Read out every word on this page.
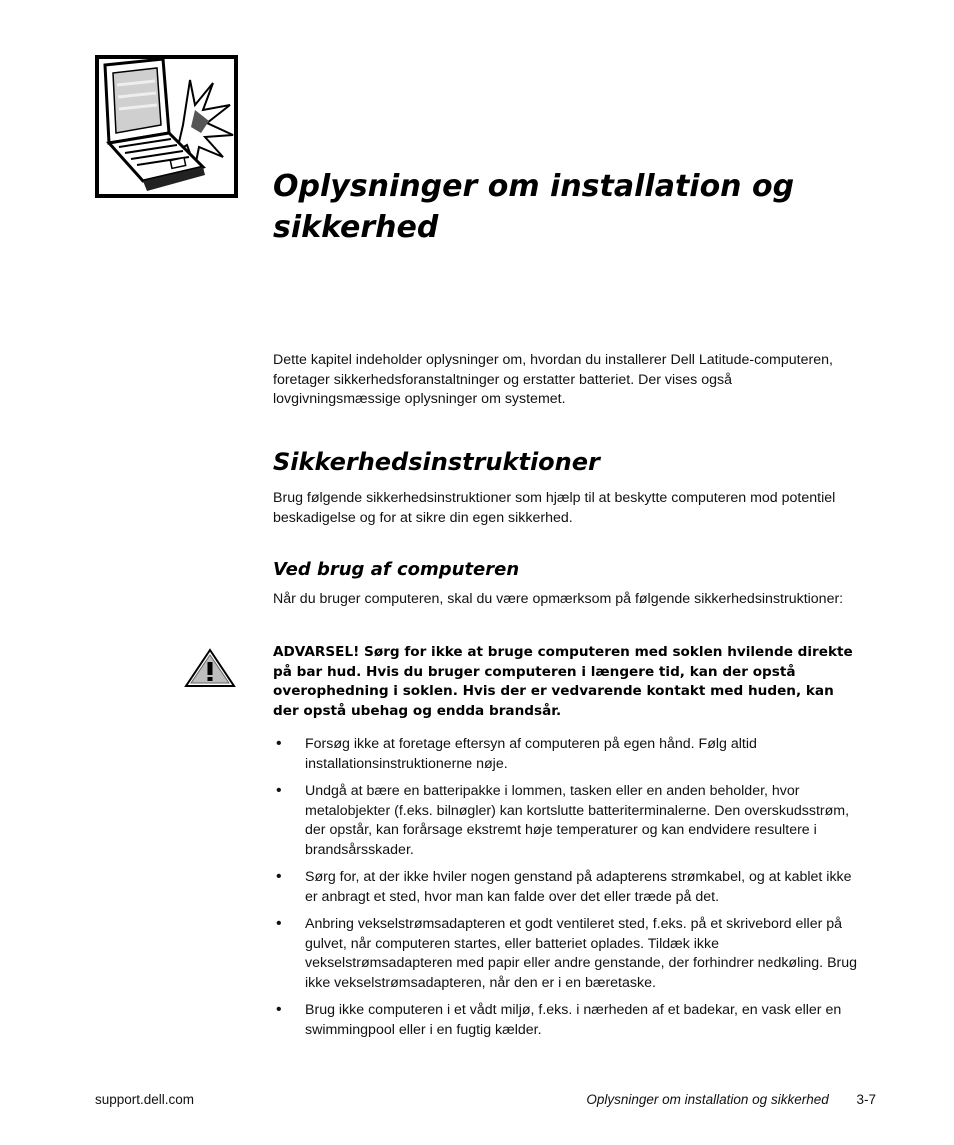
Oplysninger om installation og sikkerhed

Dette kapitel indeholder oplysninger om, hvordan du installerer Dell Latitude-computeren, foretager sikkerhedsforanstaltninger og erstatter batteriet. Der vises også lovgivningsmæssige oplysninger om systemet.

Sikkerhedsinstruktioner

Brug følgende sikkerhedsinstruktioner som hjælp til at beskytte computeren mod potentiel beskadigelse og for at sikre din egen sikkerhed.

Ved brug af computeren

Når du bruger computeren, skal du være opmærksom på følgende sikkerhedsinstruktioner:

ADVARSEL! Sørg for ikke at bruge computeren med soklen hvilende direkte på bar hud. Hvis du bruger computeren i længere tid, kan der opstå overophedning i soklen. Hvis der er vedvarende kontakt med huden, kan der opstå ubehag og endda brandsår.

• Forsøg ikke at foretage eftersyn af computeren på egen hånd. Følg altid installationsinstruktionerne nøje.
• Undgå at bære en batteripakke i lommen, tasken eller en anden beholder, hvor metalobjekter (f.eks. bilnøgler) kan kortslutte batteriterminalerne. Den overskudsstrøm, der opstår, kan forårsage ekstremt høje temperaturer og kan endvidere resultere i brandsårsskader.
• Sørg for, at der ikke hviler nogen genstand på adapterens strømkabel, og at kablet ikke er anbragt et sted, hvor man kan falde over det eller træde på det.
• Anbring vekselstrømsadapteren et godt ventileret sted, f.eks. på et skrivebord eller på gulvet, når computeren startes, eller batteriet oplades. Tildæk ikke vekselstrømsadapteren med papir eller andre genstande, der forhindrer nedkøling. Brug ikke vekselstrømsadapteren, når den er i en bæretaske.
• Brug ikke computeren i et vådt miljø, f.eks. i nærheden af et badekar, en vask eller en swimmingpool eller i en fugtig kælder.
support.dell.com	Oplysninger om installation og sikkerhed 3-7
